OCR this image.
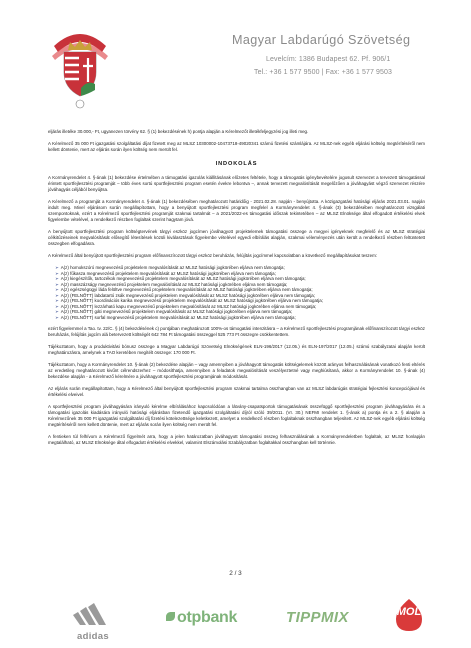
Magyar Labdarúgó Szövetség
Levelcím: 1386 Budapest 62. Pf. 906/1
Tel.: +36 1 577 9500 | Fax: +36 1 577 9503

eljárás illetéke 30.000,- Ft, ugyanezen törvény 62. § (1) bekezdésének h) pontja alapján a Kérelmezőt illetékfeljegyzési jog illeti meg.

A Kérelmező 35 000 Ft igazgatási szolgáltatási díjat fizetett meg az MLSZ 10300002-10473718-49020341 számú fizetési számlájára. Az MLSZ-nek egyéb eljárási költség megtérítéséről nem kellett döntenie, mert az eljárás során ilyen költség nem merült fel.

INDOKOLÁS

A Kormányrendelet 4. §-ának (1) bekezdése értelmében a támogatási igazolás kiállításának előzetes feltétele, hogy a támogatás igénybevételére jogosult szervezet a tervezett támogatással érintett sportfejlesztési programját – több éves sortú sportfejlesztési program esetén évekre lebontva –, annak tervezett megvalósítását megelőzően a jóváhagyást végző szervezet részére jóváhagyás céljából benyújtsa.

A Kérelmező a programját a Kormányrendelet 4. §-ának (1) bekezdésében meghatározott határidőig - 2021.02.28. napján - benyújtotta. A közigazgatási hatósági eljárás 2021.03.01. napján indult meg. Mivel eljárásom során megállapítottam, hogy a benyújtott sportfejlesztési program megfelel a Kormányrendelet 4. §-ának (3) bekezdésében meghatározott vizsgálati szempontoknak, ezért a Kérelmező sportfejlesztési programját szakmai tartalmát – a 2021/2022-es támogatási időszak tekintetében – az MLSZ Elnöksége által elfogadott értékelési elvek figyelembe vételével, a rendelkező részben foglaltak szerint hagytam jóvá.

A benyújtott sportfejlesztési program költségtervének tárgyi eszköz jogcímen jóváhagyott projektelemek támogatási összege a megyei igényeknek megfelelő és az MLSZ stratégiai célkitűzéseinek megvalósítását elősegítő létesítések közüli kiválasztások figyelembe vételével egyedi elbírálás alapján, szakmai véleményezés után került a rendelkező részben feltüntetett összegben elfogadásra.

A Kérelmező által benyújtott sportfejlesztési program előfinanszírozott tárgyi eszköz beruházás, felújítás jogcímmel kapcsolatban a következő megállapításokat teszem:

➢ A(z) homokszóró megnevezésű projektelem megvalósítását az MLSZ hatósági jogkörében eljárva nem támogatja;
➢ A(z) fűkasza megnevezésű projektelem megvalósítását az MLSZ hatósági jogkörében eljárva nem támogatja;
➢ A(z) kiegészítők, tartozékok megnevezésű projektelem megvalósítását az MLSZ hatósági jogkörében eljárva nem támogatja;
➢ A(z) masszázságy megnevezésű projektelem megvalósítását az MLSZ hatósági jogkörében eljárva nem támogatja;
➢ A(z) egészségügyi láda felöltve megnevezésű projektelem megvalósítását az MLSZ hatósági jogkörében eljárva nem támogatja;
➢ A(z) (FELNŐTT) labdatartó zsák megnevezésű projektelem megvalósítását az MLSZ hatósági jogkörében eljárva nem támogatja;
➢ A(z) (FELNŐTT) koordinációs karika megnevezésű projektelem megvalósítását az MLSZ hatósági jogkörében eljárva nem támogatja;
➢ A(z) (FELNŐTT) lezzárható kapu megnevezésű projektelem megvalósítását az MLSZ hatósági jogkörében eljárva nem támogatja;
➢ A(z) (FELNŐTT) gáti megnevezésű projektelem megvalósítását az MLSZ hatósági jogkörében eljárva nem támogatja;
➢ A(z) (FELNŐTT) sorfal megnevezésű projektelem megvalósítását az MLSZ hatósági jogkörében eljárva nem támogatja;

ezért figyelemmel a Tao. tv. 22/C. § (4) bekezdésének c) pontjában meghatározott 100%-os támogatási intenzitásra – a Kérelmező sportfejlesztési programjának előfinanszírozott tárgyi eszköz beruházás, felújítás jogcím alá betervezett költségét 642 784 Ft támogatási összeggel 525 773 Ft összegre csökkentettem.

Tájékoztatom, hogy a produktivitási bónusz összege a Magyar Labdarúgó Szövetség Elnökségének ELN-196/2017 (12.05.) és ELN-197/2017 (12.05.) számú szabályzatai alapján került meghatározásra, amelynek a TAO keretében megítélt összege: 170 000 Ft.

Tájékoztatom, hogy a Kormányrendelet 10. §-ának (2) bekezdése alapján – vagy amennyiben a jóváhagyott támogatás költségelemek között arányos felhasználásának vonatkozó fenti eltérés az eredetileg meghatározott kivűnt célrendszerhez – módosíthatja, amennyiben a feladatok megvalósítását veszélyeztetné vagy meghiúsítaná, akkor a Kormányrendelet 10. §-ának (4) bekezdése alapján - a Kérelmező kérelmére a jóváhagyott sportfejlesztési programjának módosítását.

Az eljárás során megállapítottam, hogy a Kérelmező által benyújtott sportfejlesztési program szakmai tartalma összhangban van az MLSZ labdarúgás stratégiai fejlesztési koncepciójával és értékelési elveivel.

A sportfejlesztési program jóváhagyására irányuló kérelme elbírálásához kapcsolódóan a látvány-csapatsportok támogatásának összefüggő sportfejlesztési program jóváhagyására és a támogatási igazolás kiadására irányuló hatósági eljárásban fizetendő igazgatási szolgáltatási díjról szóló 39/2011. (VI. 30.) NEFMI rendelet 1. §-ának a) pontja és a 2. § alapján a Kérelmezőnek 35 000 Ft igazgatási szolgáltatási díj fizetési kötelezettsége keletkezett, amelyet a rendelkező részben foglaltaknak összhangban teljesített. Az MLSZ-nek egyéb eljárási költség megtérítéséről nem kellett döntenie, mert az eljárás során ilyen költség nem merült fel.

A fentieken túl felhívom a Kérelmező figyelmét arra, hogy a jelen határozatban jóváhagyott támogatási összeg felhasználásának a Kormányrendeletben foglaltak, az MLSZ honlapján megtalálható, az MLSZ Elnöksége által elfogadott értékelési elvekkel, valamint Elszámolási Szabályzatban foglaltakkal összhangban kell történnie.

2 / 3
adidas
otpbank	TIPPMIX	MOL
